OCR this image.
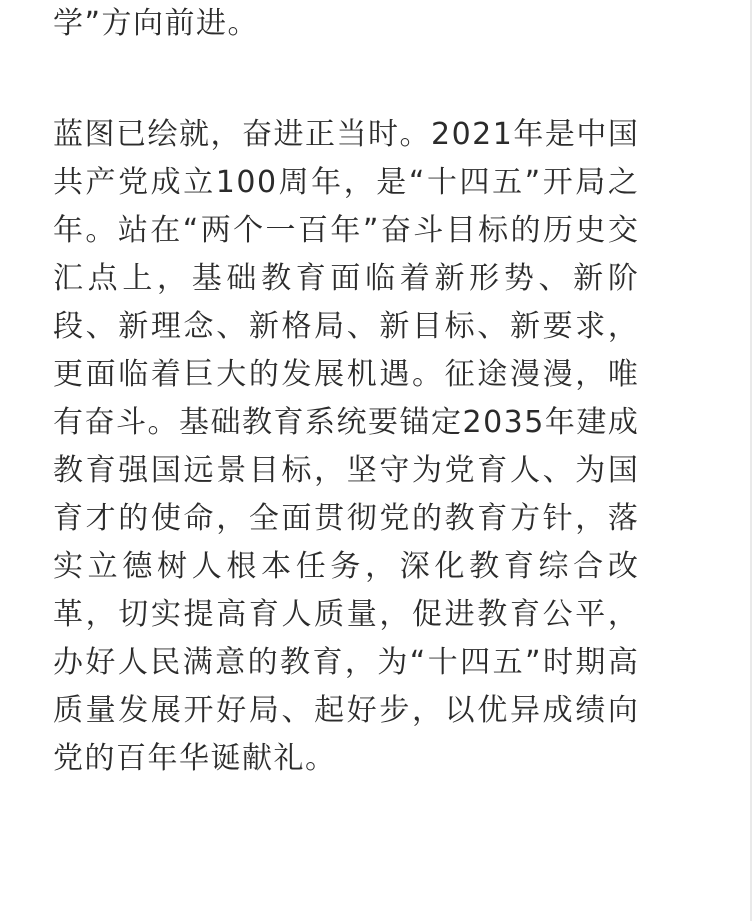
学”方向前进。
蓝图已绘就，奋进正当时。2021年是中国
共产党成立100周年，是“十四五”开局之
年。站在“两个一百年”奋斗目标的历史交
汇点上，基础教育面临着新形势、新阶
段、新理念、新格局、新目标、新要求，
更面临着巨大的发展机遇。征途漫漫，唯
有奋斗。基础教育系统要锚定2035年建成
教育强国远景目标，坚守为党育人、为国
育才的使命，全面贯彻党的教育方针，落
实立德树人根本任务，深化教育综合改
革，切实提高育人质量，促进教育公平，
办好人民满意的教育，为“十四五”时期高
质量发展开好局、起好步，以优异成绩向
党的百年华诞献礼。
